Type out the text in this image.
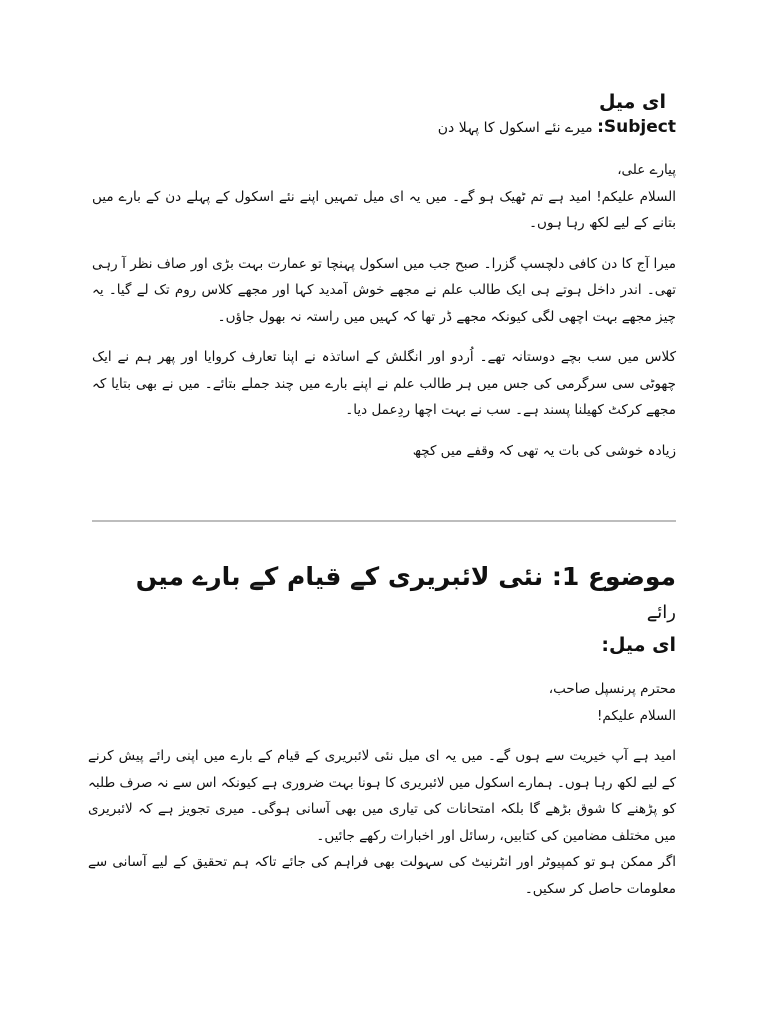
ای میل

Subject: میرے نئے اسکول کا پہلا دن

پیارے علی،

السلام علیکم! امید ہے تم ٹھیک ہو گے۔ میں یہ ای میل تمہیں اپنے نئے اسکول کے پہلے دن کے بارے میں بتانے کے لیے لکھ رہا ہوں۔

میرا آج کا دن کافی دلچسپ گزرا۔ صبح جب میں اسکول پہنچا تو عمارت بہت بڑی اور صاف نظر آ رہی تھی۔ اندر داخل ہوتے ہی ایک طالب علم نے مجھے خوش آمدید کہا اور مجھے کلاس روم تک لے گیا۔ یہ چیز مجھے بہت اچھی لگی کیونکہ مجھے ڈر تھا کہ کہیں میں راستہ نہ بھول جاؤں۔

کلاس میں سب بچے دوستانہ تھے۔ اُردو اور انگلش کے اساتذہ نے اپنا تعارف کروایا اور پھر ہم نے ایک چھوٹی سی سرگرمی کی جس میں ہر طالب علم نے اپنے بارے میں چند جملے بتائے۔ میں نے بھی بتایا کہ مجھے کرکٹ کھیلنا پسند ہے۔ سب نے بہت اچھا ردِعمل دیا۔

زیادہ خوشی کی بات یہ تھی کہ وقفے میں کچھ

موضوع 1: نئی لائبریری کے قیام کے بارے میں

رائے

ای میل:

محترم پرنسپل صاحب،

السلام علیکم!

امید ہے آپ خیریت سے ہوں گے۔ میں یہ ای میل نئی لائبریری کے قیام کے بارے میں اپنی رائے پیش کرنے کے لیے لکھ رہا ہوں۔ ہمارے اسکول میں لائبریری کا ہونا بہت ضروری ہے کیونکہ اس سے نہ صرف طلبہ کو پڑھنے کا شوق بڑھے گا بلکہ امتحانات کی تیاری میں بھی آسانی ہوگی۔ میری تجویز ہے کہ لائبریری میں مختلف مضامین کی کتابیں، رسائل اور اخبارات رکھے جائیں۔

اگر ممکن ہو تو کمپیوٹر اور انٹرنیٹ کی سہولت بھی فراہم کی جائے تاکہ ہم تحقیق کے لیے آسانی سے معلومات حاصل کر سکیں۔
